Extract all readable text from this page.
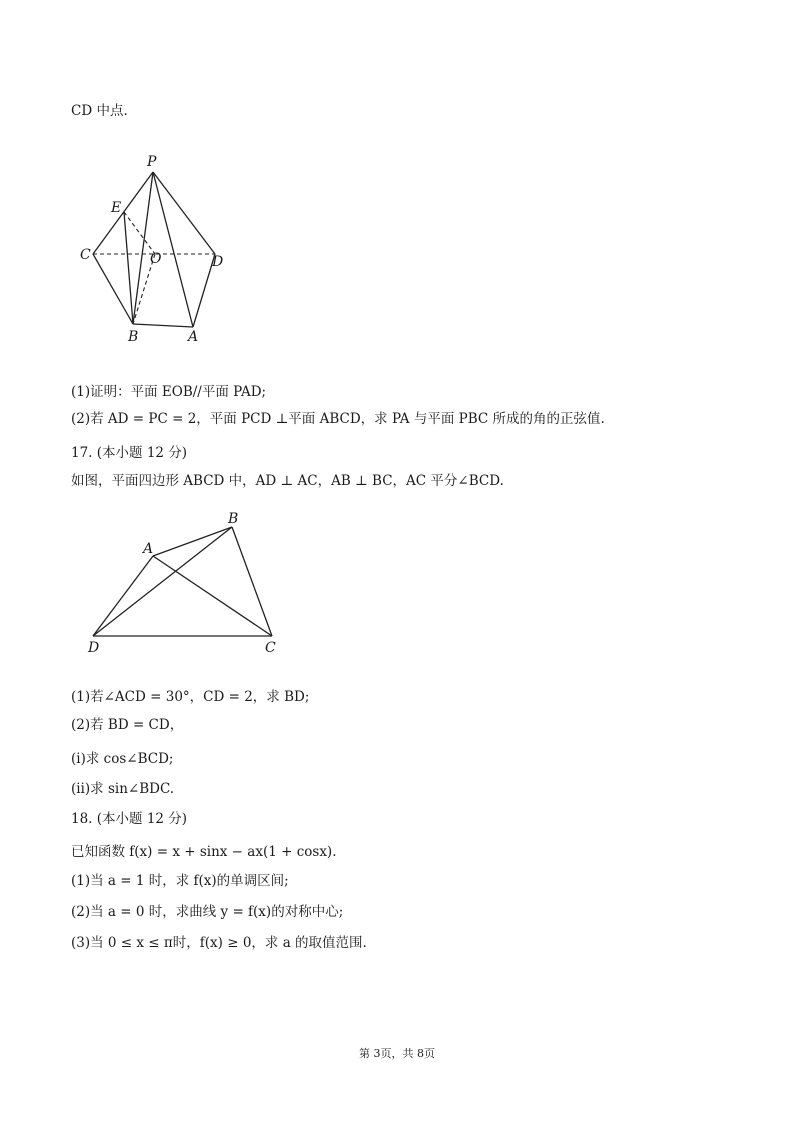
CD 中点.
P
E
C	O	D
B	A
(1)证明：平面 EOB//平面 PAD;
(2)若 AD = PC = 2，平面 PCD ⊥平面 ABCD，求 PA 与平面 PBC 所成的角的正弦值.
17. (本小题 12 分)
如图，平面四边形 ABCD 中，AD ⊥ AC，AB ⊥ BC，AC 平分∠BCD.
A
B
D	C
(1)若∠ACD = 30°，CD = 2，求 BD;
(2)若 BD = CD，
(ⅰ)求 cos∠BCD;
(ⅱ)求 sin∠BDC.
18. (本小题 12 分)
已知函数 f(x) = x + sinx − ax(1 + cosx).
(1)当 a = 1 时，求 f(x)的单调区间;
(2)当 a = 0 时，求曲线 y = f(x)的对称中心;
(3)当 0 ≤ x ≤ π时，f(x) ≥ 0，求 a 的取值范围.
第 3页，共 8页
